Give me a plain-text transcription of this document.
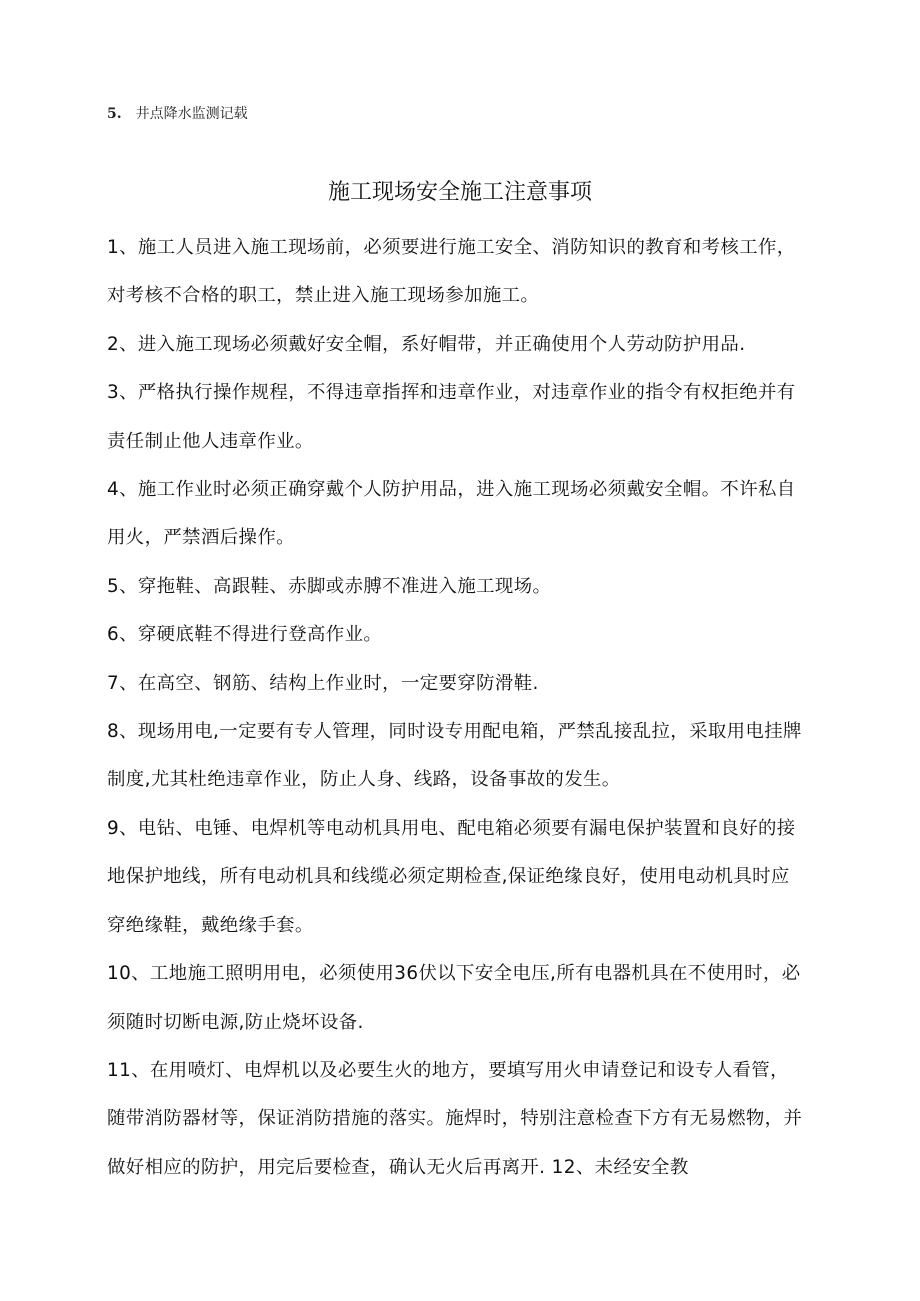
5. 井点降水监测记载
施工现场安全施工注意事项

1、施工人员进入施工现场前，必须要进行施工安全、消防知识的教育和考核工作，对考核不合格的职工，禁止进入施工现场参加施工。

2、进入施工现场必须戴好安全帽，系好帽带，并正确使用个人劳动防护用品.

3、严格执行操作规程，不得违章指挥和违章作业，对违章作业的指令有权拒绝并有责任制止他人违章作业。

4、施工作业时必须正确穿戴个人防护用品，进入施工现场必须戴安全帽。不许私自用火，严禁酒后操作。

5、穿拖鞋、高跟鞋、赤脚或赤膊不准进入施工现场。

6、穿硬底鞋不得进行登高作业。

7、在高空、钢筋、结构上作业时，一定要穿防滑鞋.

8、现场用电,一定要有专人管理，同时设专用配电箱，严禁乱接乱拉，采取用电挂牌制度,尤其杜绝违章作业，防止人身、线路，设备事故的发生。

9、电钻、电锤、电焊机等电动机具用电、配电箱必须要有漏电保护装置和良好的接地保护地线，所有电动机具和线缆必须定期检查,保证绝缘良好，使用电动机具时应穿绝缘鞋，戴绝缘手套。

10、工地施工照明用电，必须使用36伏以下安全电压,所有电器机具在不使用时，必须随时切断电源,防止烧坏设备.

11、在用喷灯、电焊机以及必要生火的地方，要填写用火申请登记和设专人看管，随带消防器材等，保证消防措施的落实。施焊时，特别注意检查下方有无易燃物，并做好相应的防护，用完后要检查，确认无火后再离开. 12、未经安全教
